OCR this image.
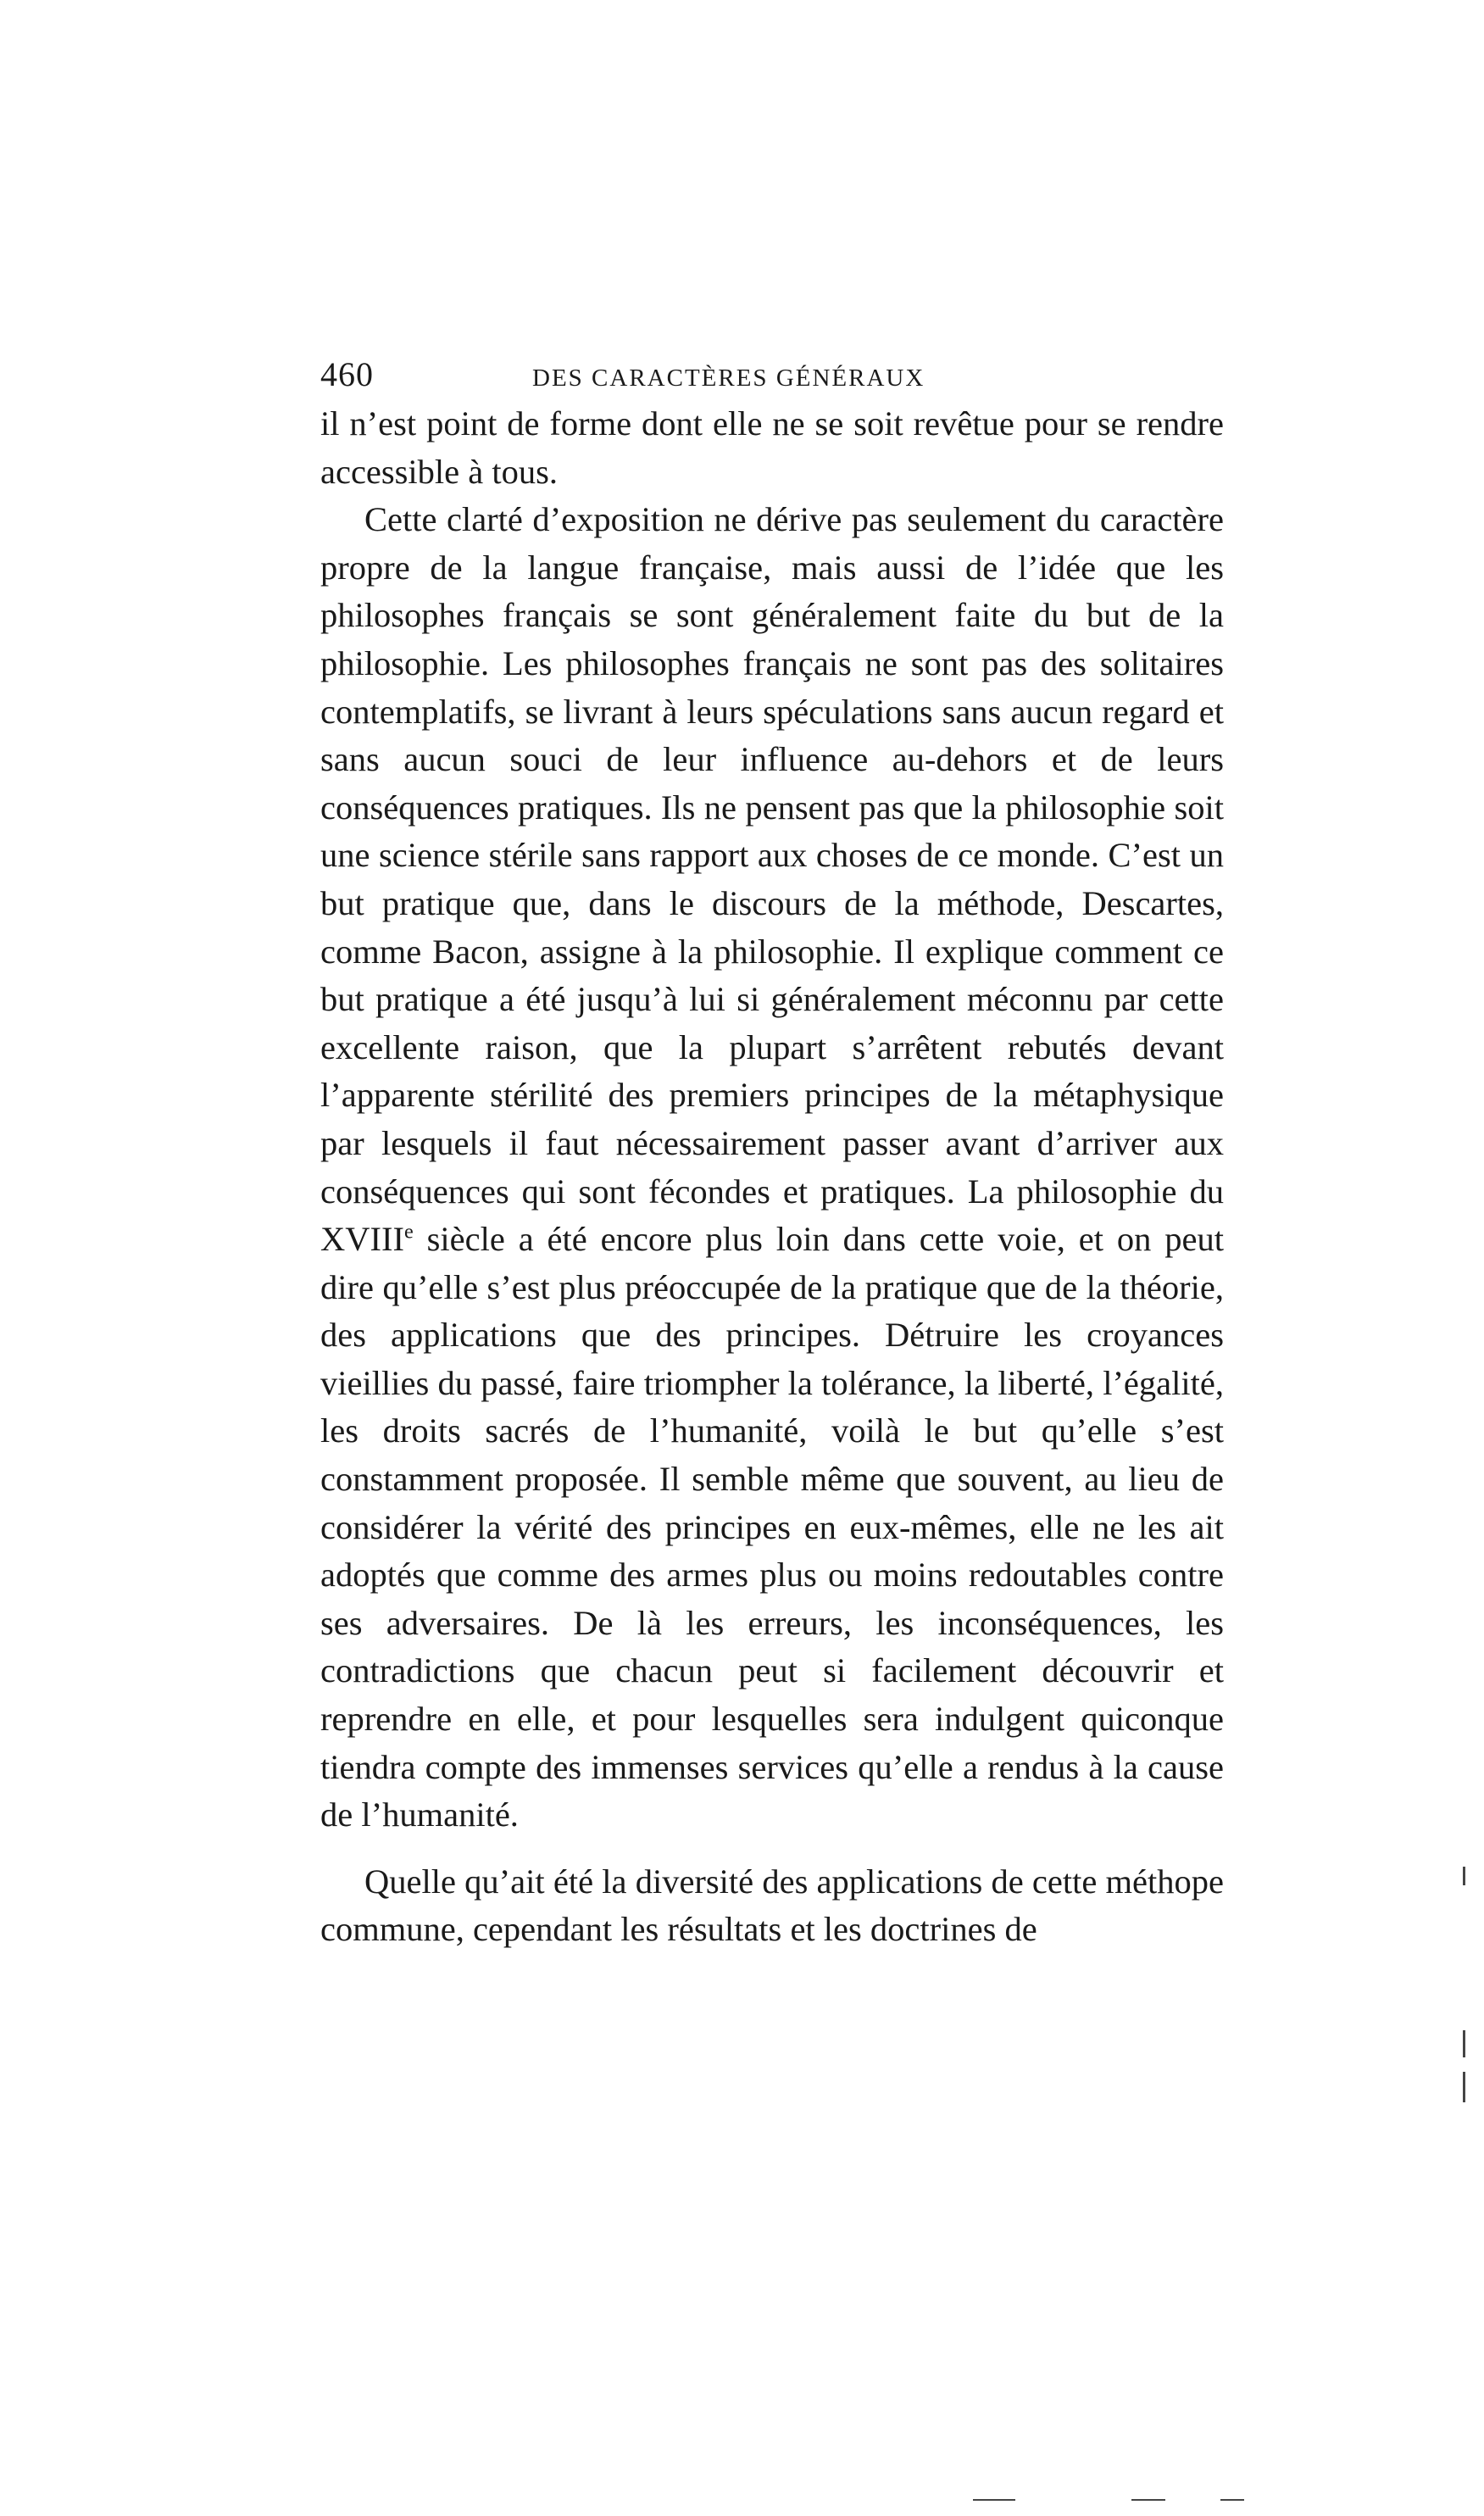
460	DES CARACTÈRES GÉNÉRAUX

il n’est point de forme dont elle ne se soit revêtue pour se rendre accessible à tous.

Cette clarté d’exposition ne dérive pas seulement du caractère propre de la langue française, mais aussi de l’idée que les philosophes français se sont généralement faite du but de la philosophie. Les philosophes français ne sont pas des solitaires contemplatifs, se livrant à leurs spéculations sans aucun regard et sans aucun souci de leur influence au-dehors et de leurs conséquences pratiques. Ils ne pensent pas que la philosophie soit une science stérile sans rapport aux choses de ce monde. C’est un but pratique que, dans le discours de la méthode, Descartes, comme Bacon, assigne à la philosophie. Il explique comment ce but pratique a été jusqu’à lui si généralement méconnu par cette excellente raison, que la plupart s’arrêtent rebutés devant l’apparente stérilité des premiers principes de la métaphysique par lesquels il faut nécessairement passer avant d’arriver aux conséquences qui sont fécondes et pratiques. La philosophie du XVIIIe siècle a été encore plus loin dans cette voie, et on peut dire qu’elle s’est plus préoccupée de la pratique que de la théorie, des applications que des principes. Détruire les croyances vieillies du passé, faire triompher la tolérance, la liberté, l’égalité, les droits sacrés de l’humanité, voilà le but qu’elle s’est constamment proposée. Il semble même que souvent, au lieu de considérer la vérité des principes en eux-mêmes, elle ne les ait adoptés que comme des armes plus ou moins redoutables contre ses adversaires. De là les erreurs, les inconséquences, les contradictions que chacun peut si facilement découvrir et reprendre en elle, et pour lesquelles sera indulgent quiconque tiendra compte des immenses services qu’elle a rendus à la cause de l’humanité.

Quelle qu’ait été la diversité des applications de cette méthope commune, cependant les résultats et les doctrines de
